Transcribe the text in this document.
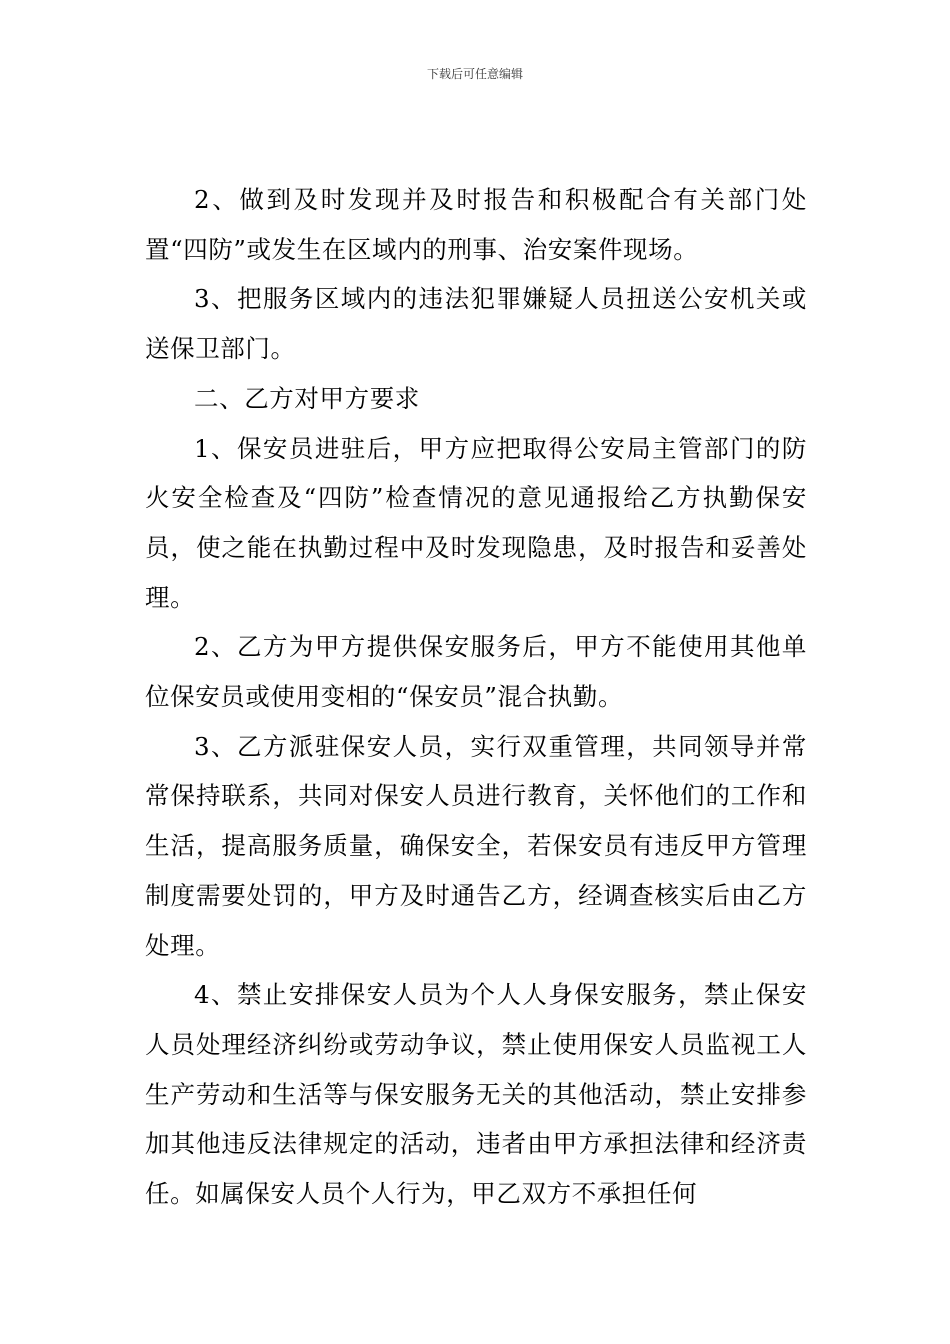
下载后可任意编辑

2、做到及时发现并及时报告和积极配合有关部门处置“四防”或发生在区域内的刑事、治安案件现场。

3、把服务区域内的违法犯罪嫌疑人员扭送公安机关或送保卫部门。

二、乙方对甲方要求

1、保安员进驻后，甲方应把取得公安局主管部门的防火安全检查及“四防”检查情况的意见通报给乙方执勤保安员，使之能在执勤过程中及时发现隐患，及时报告和妥善处理。

2、乙方为甲方提供保安服务后，甲方不能使用其他单位保安员或使用变相的“保安员”混合执勤。

3、乙方派驻保安人员，实行双重管理，共同领导并常常保持联系，共同对保安人员进行教育，关怀他们的工作和生活，提高服务质量，确保安全，若保安员有违反甲方管理制度需要处罚的，甲方及时通告乙方，经调查核实后由乙方处理。

4、禁止安排保安人员为个人人身保安服务，禁止保安人员处理经济纠纷或劳动争议，禁止使用保安人员监视工人生产劳动和生活等与保安服务无关的其他活动，禁止安排参加其他违反法律规定的活动，违者由甲方承担法律和经济责任。如属保安人员个人行为，甲乙双方不承担任何
